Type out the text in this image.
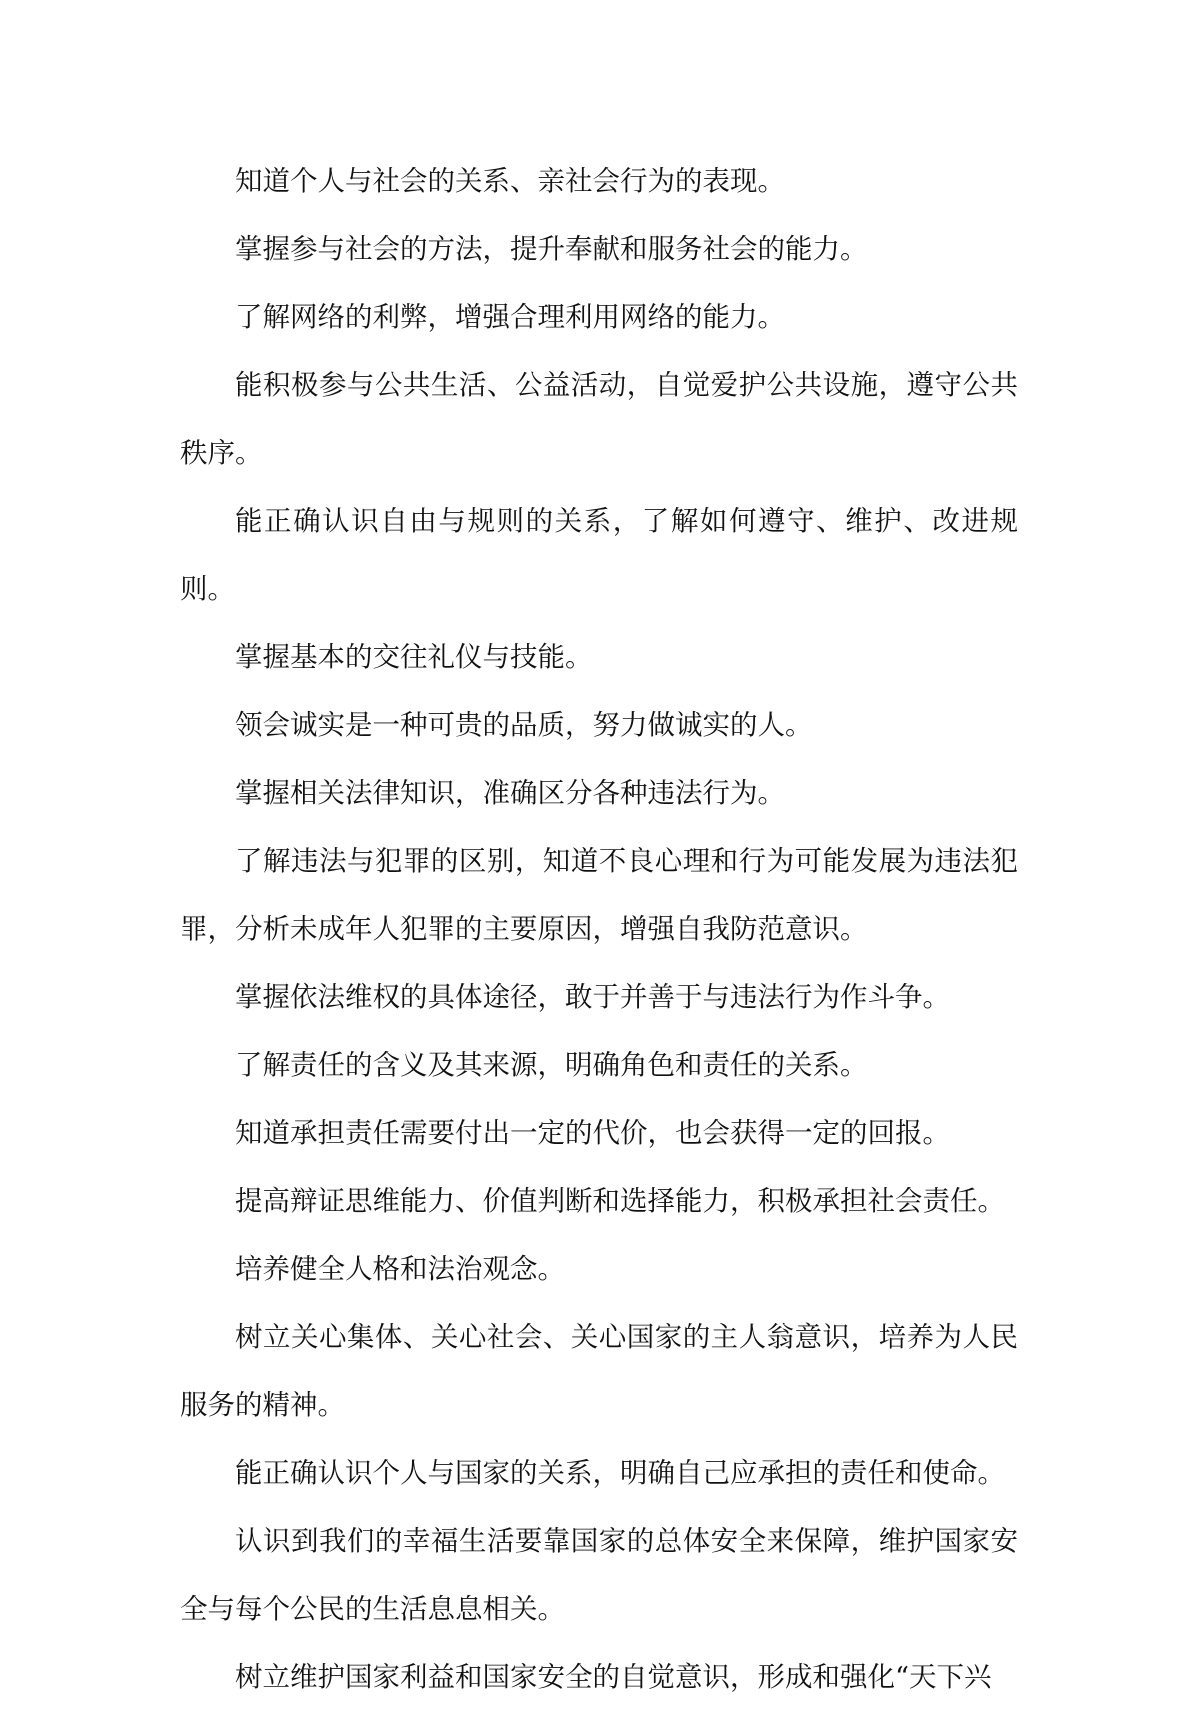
知道个人与社会的关系、亲社会行为的表现。

掌握参与社会的方法，提升奉献和服务社会的能力。

了解网络的利弊，增强合理利用网络的能力。

能积极参与公共生活、公益活动，自觉爱护公共设施，遵守公共秩序。

能正确认识自由与规则的关系，了解如何遵守、维护、改进规则。

掌握基本的交往礼仪与技能。

领会诚实是一种可贵的品质，努力做诚实的人。

掌握相关法律知识，准确区分各种违法行为。

了解违法与犯罪的区别，知道不良心理和行为可能发展为违法犯罪，分析未成年人犯罪的主要原因，增强自我防范意识。

掌握依法维权的具体途径，敢于并善于与违法行为作斗争。

了解责任的含义及其来源，明确角色和责任的关系。

知道承担责任需要付出一定的代价，也会获得一定的回报。

提高辩证思维能力、价值判断和选择能力，积极承担社会责任。

培养健全人格和法治观念。

树立关心集体、关心社会、关心国家的主人翁意识，培养为人民服务的精神。

能正确认识个人与国家的关系，明确自己应承担的责任和使命。

认识到我们的幸福生活要靠国家的总体安全来保障，维护国家安全与每个公民的生活息息相关。

树立维护国家利益和国家安全的自觉意识，形成和强化“天下兴
